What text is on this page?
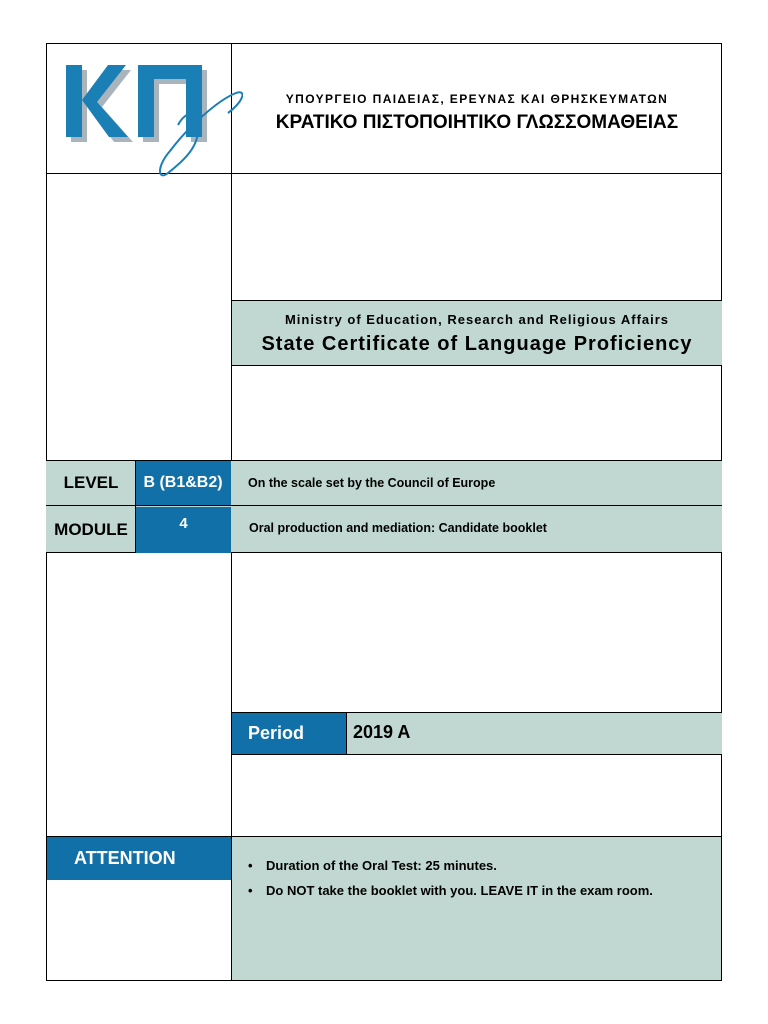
ΚΠγ
ΥΠΟΥΡΓΕΙΟ ΠΑΙΔΕΙΑΣ, ΕΡΕΥΝΑΣ ΚΑΙ ΘΡΗΣΚΕΥΜΑΤΩΝ
ΚΡΑΤΙΚΟ ΠΙΣΤΟΠΟΙΗΤΙΚΟ ΓΛΩΣΣΟΜΑΘΕΙΑΣ
Ministry of Education, Research and Religious Affairs
State Certificate of Language Proficiency
LEVEL	B (B1&B2)	On the scale set by the Council of Europe
MODULE	4	Oral production and mediation: Candidate booklet
Period	2019 A
ATTENTION
•	Duration of the Oral Test: 25 minutes.
• Do NOT take the booklet with you. LEAVE IT in the exam room.
